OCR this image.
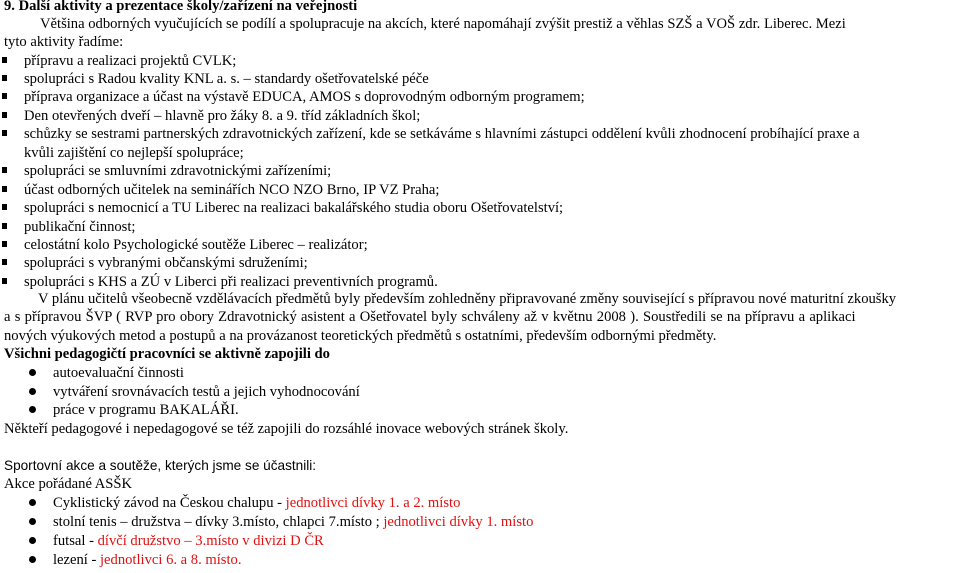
9. Další aktivity a prezentace školy/zařízení na veřejnosti
Většina odborných vyučujících se podílí a spolupracuje na akcích, které napomáhají zvýšit prestiž a věhlas SZŠ a VOŠ zdr. Liberec. Mezi
tyto aktivity řadíme:
přípravu a realizaci projektů CVLK;
spolupráci s Radou kvality KNL a. s. – standardy ošetřovatelské péče
příprava organizace a účast na výstavě EDUCA, AMOS s doprovodným odborným programem;
Den otevřených dveří – hlavně pro žáky 8. a 9. tříd základních škol;
schůzky se sestrami partnerských zdravotnických zařízení, kde se setkáváme s hlavními zástupci oddělení kvůli zhodnocení probíhající praxe a
kvůli zajištění co nejlepší spolupráce;
spolupráci se smluvními zdravotnickými zařízeními;
účast odborných učitelek na seminářích NCO NZO Brno, IP VZ Praha;
spolupráci s nemocnicí a TU Liberec na realizaci bakalářského studia oboru Ošetřovatelství;
publikační činnost;
celostátní kolo Psychologické soutěže Liberec – realizátor;
spolupráci s vybranými občanskými sdruženími;
spolupráci s KHS a ZÚ v Liberci při realizaci preventivních programů.
V plánu učitelů všeobecně vzdělávacích předmětů byly především zohledněny připravované změny související s přípravou nové maturitní zkoušky
a s přípravou ŠVP ( RVP pro obory Zdravotnický asistent a Ošetřovatel byly schváleny až v květnu 2008 ). Soustředili se na přípravu a aplikaci
nových výukových metod a postupů a na provázanost teoretických předmětů s ostatními, především odbornými předměty.
Všichni pedagogičtí pracovníci se aktivně zapojili do
autoevaluační činnosti
vytváření srovnávacích testů a jejich vyhodnocování
práce v programu BAKALÁŘI.
Někteří pedagogové i nepedagogové se též zapojili do rozsáhlé inovace webových stránek školy.
Sportovní akce a soutěže, kterých jsme se účastnili:
Akce pořádané ASŠK
Cyklistický závod na Českou chalupu - jednotlivci dívky 1. a 2. místo
stolní tenis – družstva – dívky 3.místo, chlapci 7.místo ; jednotlivci dívky 1. místo
futsal - dívčí družstvo – 3.místo v divizi D ČR
lezení - jednotlivci 6. a 8. místo.
